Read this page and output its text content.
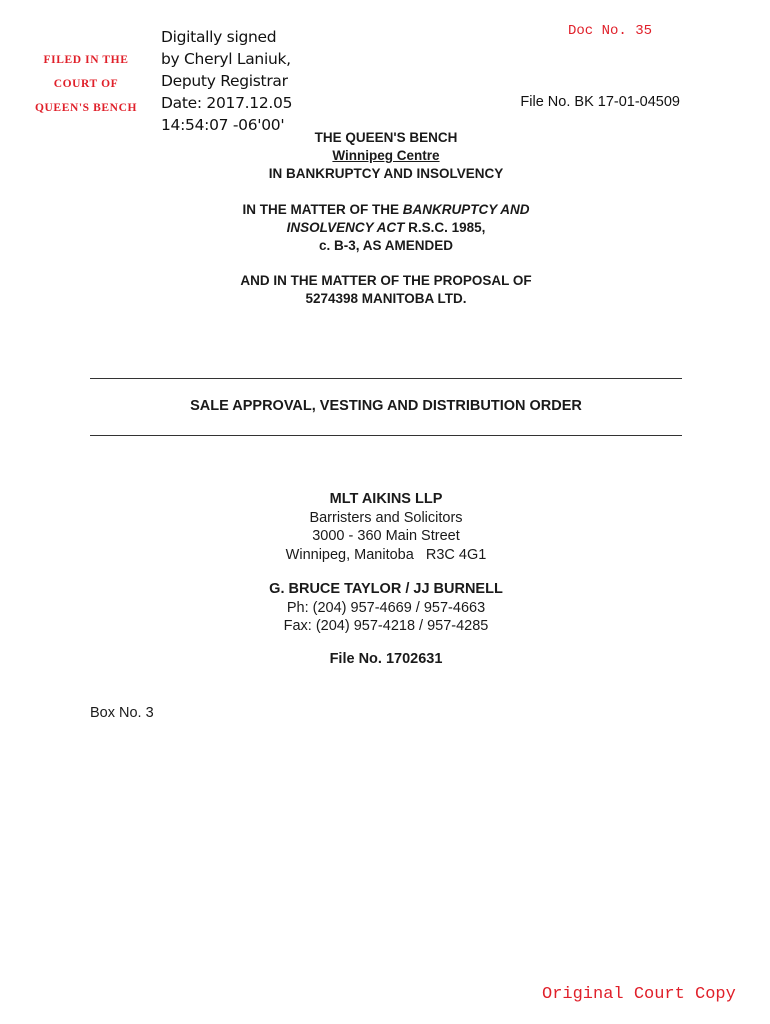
FILED IN THE
COURT OF
QUEEN'S BENCH
Digitally signed
by Cheryl Laniuk,
Deputy Registrar
Date: 2017.12.05
14:54:07 -06'00'
Doc No. 35
File No. BK 17-01-04509
THE QUEEN'S BENCH
Winnipeg Centre
IN BANKRUPTCY AND INSOLVENCY
IN THE MATTER OF THE BANKRUPTCY AND
INSOLVENCY ACT R.S.C. 1985,
c. B-3, AS AMENDED
AND IN THE MATTER OF THE PROPOSAL OF
5274398 MANITOBA LTD.
SALE APPROVAL, VESTING AND DISTRIBUTION ORDER
MLT AIKINS LLP
Barristers and Solicitors
3000 - 360 Main Street
Winnipeg, Manitoba   R3C 4G1
G. BRUCE TAYLOR / JJ BURNELL
Ph: (204) 957-4669 / 957-4663
Fax: (204) 957-4218 / 957-4285
File No. 1702631
Box No. 3
Original Court Copy
